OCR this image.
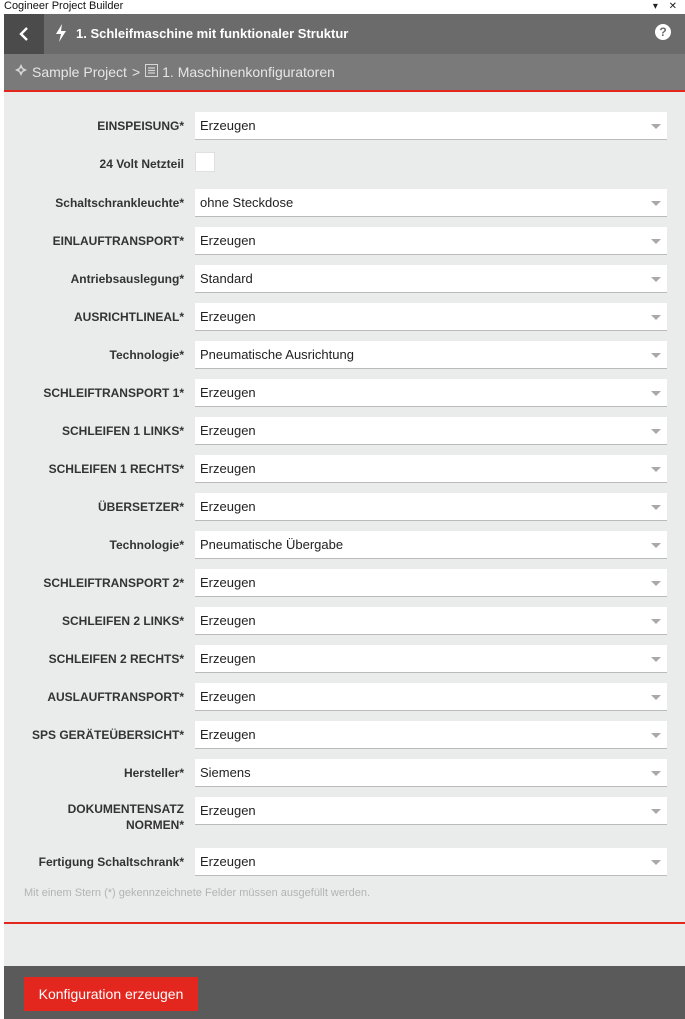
Cogineer Project Builder	▾ ✕
1. Schleifmaschine mit funktionaler Struktur	?
Sample Project > 1. Maschinenkonfiguratoren
EINSPEISUNG* Erzeugen
24 Volt Netzteil
Schaltschrankleuchte* ohne Steckdose
EINLAUFTRANSPORT* Erzeugen
Antriebsauslegung* Standard
AUSRICHTLINEAL* Erzeugen
Technologie* Pneumatische Ausrichtung
SCHLEIFTRANSPORT 1* Erzeugen
SCHLEIFEN 1 LINKS* Erzeugen
SCHLEIFEN 1 RECHTS* Erzeugen
ÜBERSETZER* Erzeugen
Technologie* Pneumatische Übergabe
SCHLEIFTRANSPORT 2* Erzeugen
SCHLEIFEN 2 LINKS* Erzeugen
SCHLEIFEN 2 RECHTS* Erzeugen
AUSLAUFTRANSPORT* Erzeugen
SPS GERÄTEÜBERSICHT* Erzeugen
Hersteller* Siemens
DOKUMENTENSATZ NORMEN*
Erzeugen
Fertigung Schaltschrank* Erzeugen
Mit einem Stern (*) gekennzeichnete Felder müssen ausgefüllt werden.
Konfiguration erzeugen
